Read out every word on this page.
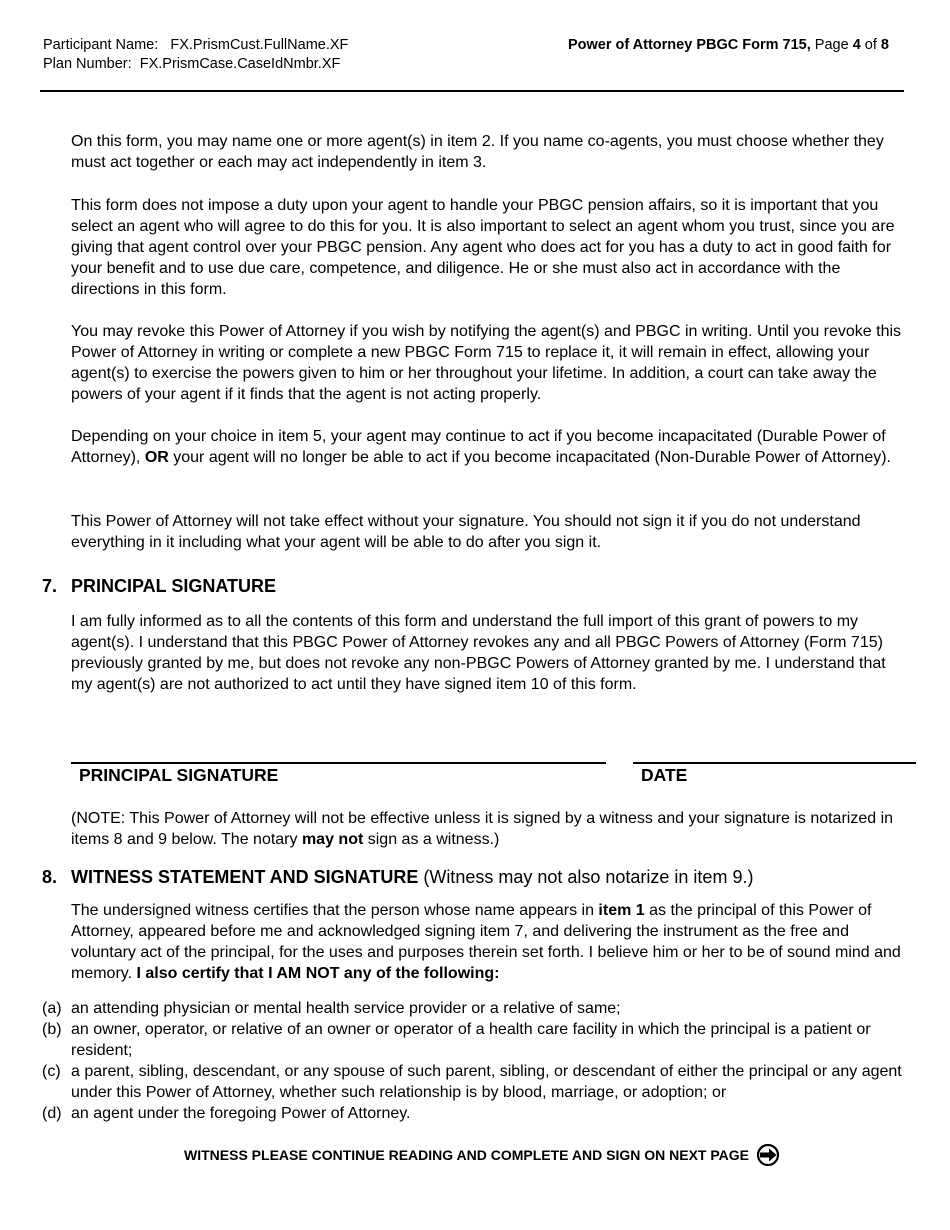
Participant Name: FX.PrismCust.FullName.XF
Plan Number: FX.PrismCase.CaseIdNmbr.XF
Power of Attorney PBGC Form 715, Page 4 of 8

On this form, you may name one or more agent(s) in item 2. If you name co-agents, you must choose whether they must act together or each may act independently in item 3.

This form does not impose a duty upon your agent to handle your PBGC pension affairs, so it is important that you select an agent who will agree to do this for you. It is also important to select an agent whom you trust, since you are giving that agent control over your PBGC pension. Any agent who does act for you has a duty to act in good faith for your benefit and to use due care, competence, and diligence. He or she must also act in accordance with the directions in this form.

You may revoke this Power of Attorney if you wish by notifying the agent(s) and PBGC in writing. Until you revoke this Power of Attorney in writing or complete a new PBGC Form 715 to replace it, it will remain in effect, allowing your agent(s) to exercise the powers given to him or her throughout your lifetime. In addition, a court can take away the powers of your agent if it finds that the agent is not acting properly.

Depending on your choice in item 5, your agent may continue to act if you become incapacitated (Durable Power of Attorney), OR your agent will no longer be able to act if you become incapacitated (Non-Durable Power of Attorney).

This Power of Attorney will not take effect without your signature. You should not sign it if you do not understand everything in it including what your agent will be able to do after you sign it.

7. PRINCIPAL SIGNATURE

I am fully informed as to all the contents of this form and understand the full import of this grant of powers to my agent(s). I understand that this PBGC Power of Attorney revokes any and all PBGC Powers of Attorney (Form 715) previously granted by me, but does not revoke any non-PBGC Powers of Attorney granted by me. I understand that my agent(s) are not authorized to act until they have signed item 10 of this form.

PRINCIPAL SIGNATURE	DATE

(NOTE: This Power of Attorney will not be effective unless it is signed by a witness and your signature is notarized in items 8 and 9 below. The notary may not sign as a witness.)

8. WITNESS STATEMENT AND SIGNATURE (Witness may not also notarize in item 9.)

The undersigned witness certifies that the person whose name appears in item 1 as the principal of this Power of Attorney, appeared before me and acknowledged signing item 7, and delivering the instrument as the free and voluntary act of the principal, for the uses and purposes therein set forth. I believe him or her to be of sound mind and memory. I also certify that I AM NOT any of the following:

(a) an attending physician or mental health service provider or a relative of same;
(b) an owner, operator, or relative of an owner or operator of a health care facility in which the principal is a patient or resident;
(c) a parent, sibling, descendant, or any spouse of such parent, sibling, or descendant of either the principal or any agent under this Power of Attorney, whether such relationship is by blood, marriage, or adoption; or
(d) an agent under the foregoing Power of Attorney.
WITNESS PLEASE CONTINUE READING AND COMPLETE AND SIGN ON NEXT PAGE
